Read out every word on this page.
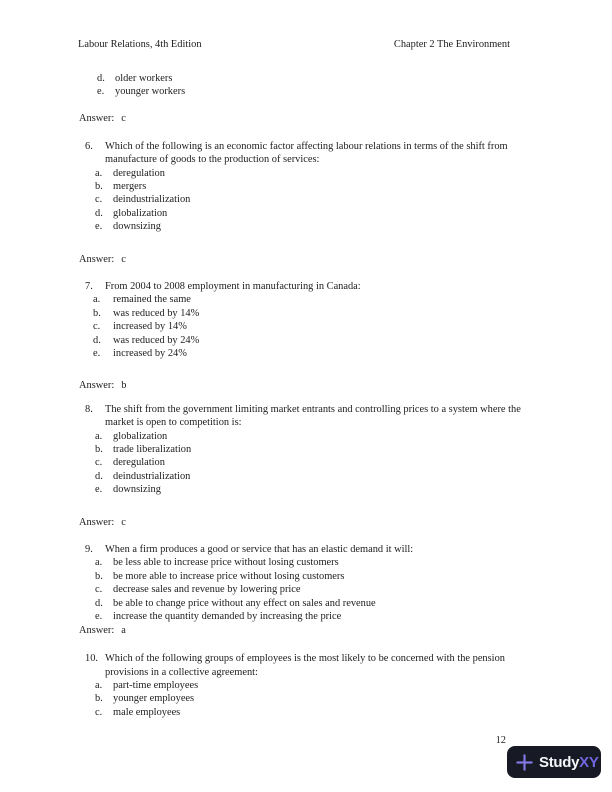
Labour Relations, 4th Edition	Chapter 2 The Environment
d. older workers
e.	younger workers
Answer: c
6.	Which of the following is an economic factor affecting labour relations in terms of the shift from
manufacture of goods to the production of services:
a.	deregulation
b. mergers
c.	deindustrialization
d. globalization
e.	downsizing
Answer: c
7.	From 2004 to 2008 employment in manufacturing in Canada:
a.	remained the same
b.	was reduced by 14%
c.	increased by 14%
d.	was reduced by 24%
e.	increased by 24%
Answer: b
8.	The shift from the government limiting market entrants and controlling prices to a system where the
market is open to competition is:
a.	globalization
b. trade liberalization
c.	deregulation
d. deindustrialization
e.	downsizing
Answer: c
9.	When a firm produces a good or service that has an elastic demand it will:
a.	be less able to increase price without losing customers
b. be more able to increase price without losing customers
c.	decrease sales and revenue by lowering price
d. be able to change price without any effect on sales and revenue
e.	increase the quantity demanded by increasing the price
Answer: a
10. Which of the following groups of employees is the most likely to be concerned with the pension
provisions in a collective agreement:
a.	part-time employees
b. younger employees
c.	male employees
12
StudyXY
